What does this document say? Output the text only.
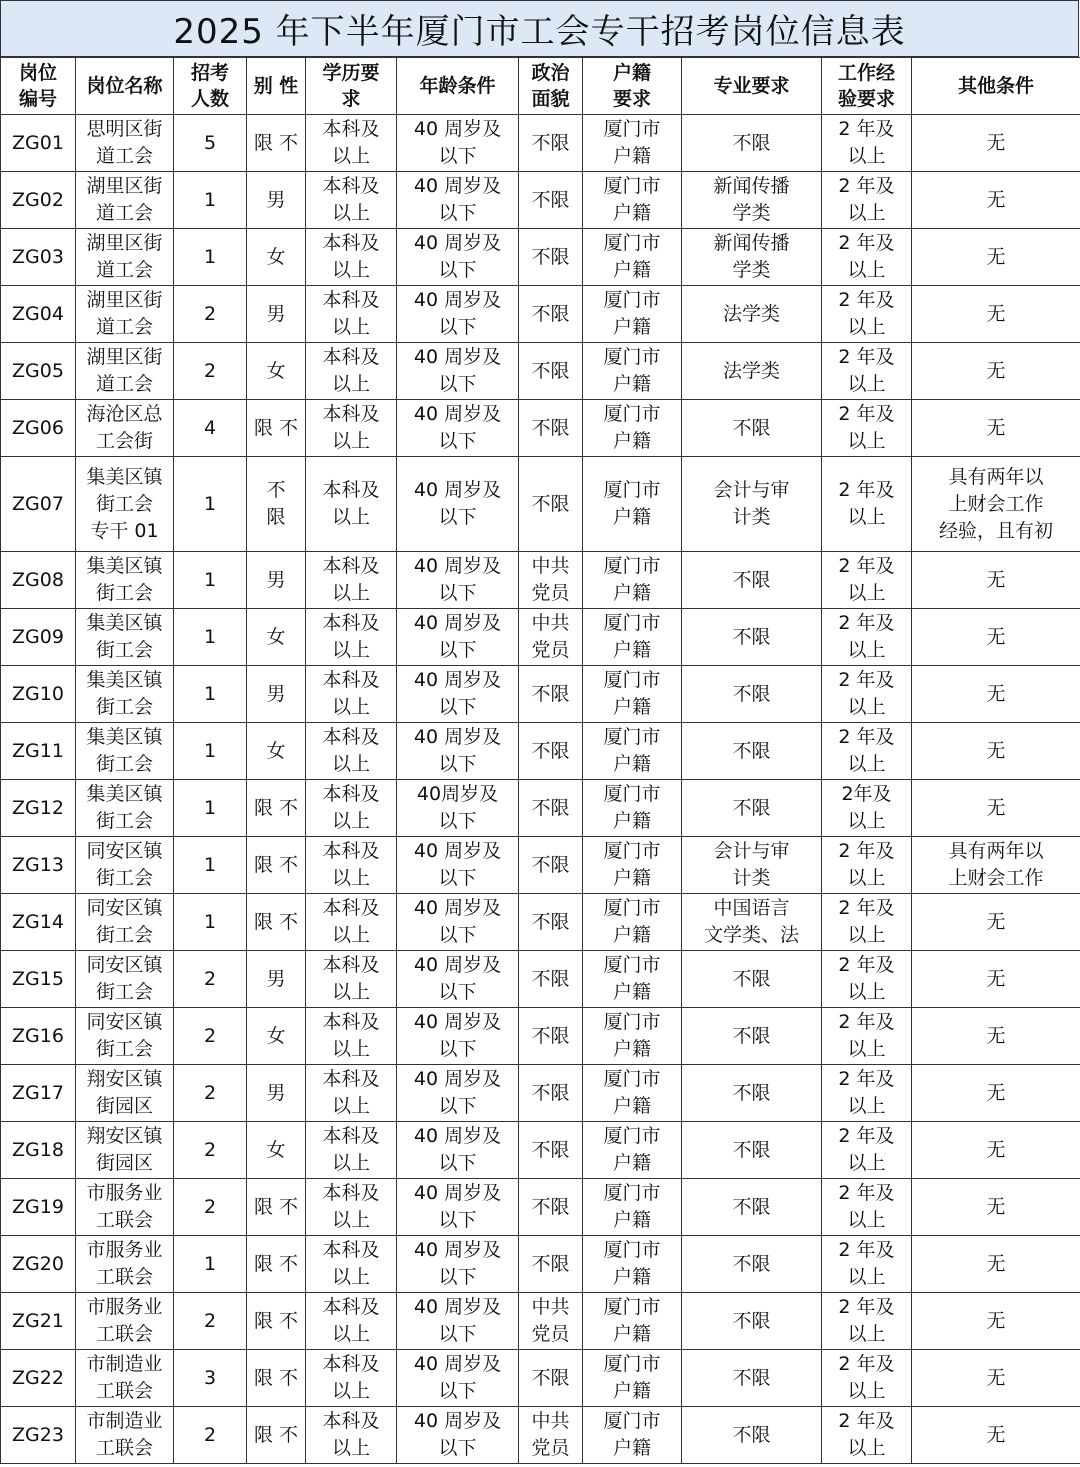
2025 年下半年厦门市工会专干招考岗位信息表
岗位
编号	岗位名称	招考
人数	别 性	学历要
求	年龄条件	政治
面貌	户籍
要求	专业要求	工作经
验要求	其他条件

ZG01	思明区街
道工会	5	限 不	本科及
以上	40 周岁及
以下	不限	厦门市
户籍	不限	2 年及
以上	无

ZG02	湖里区街
道工会	1	男	本科及
以上	40 周岁及
以下	不限	厦门市
户籍	新闻传播
学类	2 年及
以上	无

ZG03	湖里区街
道工会	1	女	本科及
以上	40 周岁及
以下	不限	厦门市
户籍	新闻传播
学类	2 年及
以上	无

ZG04	湖里区街
道工会	2	男	本科及
以上	40 周岁及
以下	不限	厦门市
户籍	法学类	2 年及
以上	无

ZG05	湖里区街
道工会	2	女	本科及
以上	40 周岁及
以下	不限	厦门市
户籍	法学类	2 年及
以上	无

ZG06	海沧区总
工会街	4	限 不	本科及
以上	40 周岁及
以下	不限	厦门市
户籍	不限	2 年及
以上	无

ZG07	集美区镇
街工会
专干 01	1	不
限	本科及
以上	40 周岁及
以下	不限	厦门市
户籍	会计与审
计类	2 年及
以上	具有两年以
上财会工作
经验，且有初

ZG08	集美区镇
街工会	1	男	本科及
以上	40 周岁及
以下	中共
党员	厦门市
户籍	不限	2 年及
以上	无

ZG09	集美区镇
街工会	1	女	本科及
以上	40 周岁及
以下	中共
党员	厦门市
户籍	不限	2 年及
以上	无

ZG10	集美区镇
街工会	1	男	本科及
以上	40 周岁及
以下	不限	厦门市
户籍	不限	2 年及
以上	无

ZG11	集美区镇
街工会	1	女	本科及
以上	40 周岁及
以下	不限	厦门市
户籍	不限	2 年及
以上	无

ZG12	集美区镇
街工会	1	限 不	本科及
以上	40周岁及
以下	不限	厦门市
户籍	不限	2年及
以上	无

ZG13	同安区镇
街工会	1	限 不	本科及
以上	40 周岁及
以下	不限	厦门市
户籍	会计与审
计类	2 年及
以上	具有两年以
上财会工作

ZG14	同安区镇
街工会	1	限 不	本科及
以上	40 周岁及
以下	不限	厦门市
户籍	中国语言
文学类、法	2 年及
以上	无

ZG15	同安区镇
街工会	2	男	本科及
以上	40 周岁及
以下	不限	厦门市
户籍	不限	2 年及
以上	无

ZG16	同安区镇
街工会	2	女	本科及
以上	40 周岁及
以下	不限	厦门市
户籍	不限	2 年及
以上	无

ZG17	翔安区镇
街园区	2	男	本科及
以上	40 周岁及
以下	不限	厦门市
户籍	不限	2 年及
以上	无

ZG18	翔安区镇
街园区	2	女	本科及
以上	40 周岁及
以下	不限	厦门市
户籍	不限	2 年及
以上	无

ZG19	市服务业
工联会	2	限 不	本科及
以上	40 周岁及
以下	不限	厦门市
户籍	不限	2 年及
以上	无

ZG20	市服务业
工联会	1	限 不	本科及
以上	40 周岁及
以下	不限	厦门市
户籍	不限	2 年及
以上	无

ZG21	市服务业
工联会	2	限 不	本科及
以上	40 周岁及
以下	中共
党员	厦门市
户籍	不限	2 年及
以上	无

ZG22	市制造业
工联会	3	限 不	本科及
以上	40 周岁及
以下	不限	厦门市
户籍	不限	2 年及
以上	无

ZG23	市制造业
工联会	2	限 不	本科及
以上	40 周岁及
以下	中共
党员	厦门市
户籍	不限	2 年及
以上	无
